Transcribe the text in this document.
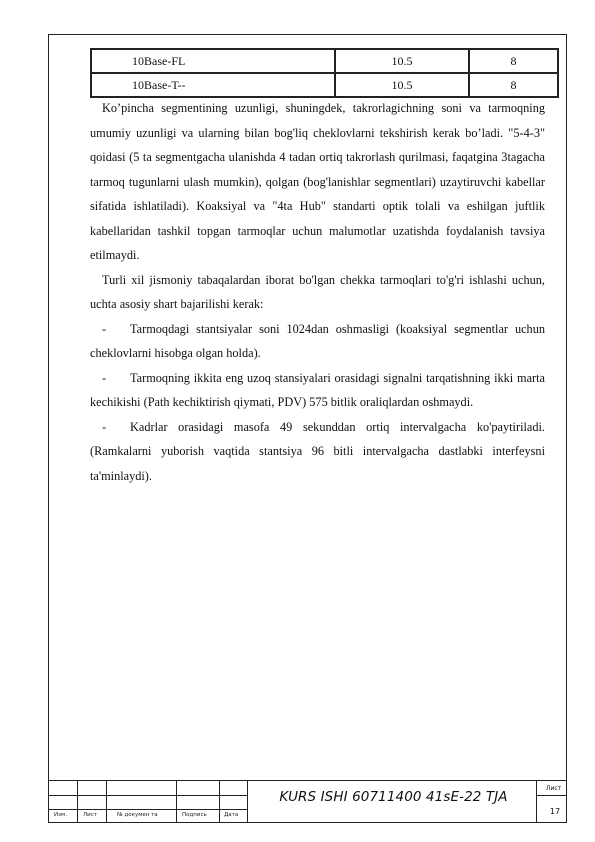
10Base-FL	10.5	8
10Base-T--	10.5	8

Ko’pincha segmentining uzunligi, shuningdek, takrorlagichning soni va tarmoqning umumiy uzunligi va ularning bilan bog'liq cheklovlarni tekshirish kerak bo’ladi. "5-4-3" qoidasi (5 ta segmentgacha ulanishda 4 tadan ortiq takrorlash qurilmasi, faqatgina 3tagacha tarmoq tugunlarni ulash mumkin), qolgan (bog'lanishlar segmentlari) uzaytiruvchi kabellar sifatida ishlatiladi). Koaksiyal va "4ta Hub" standarti optik tolali va eshilgan juftlik kabellaridan tashkil topgan tarmoqlar uchun malumotlar uzatishda foydalanish tavsiya etilmaydi.

Turli xil jismoniy tabaqalardan iborat bo'lgan chekka tarmoqlari to'g'ri ishlashi uchun, uchta asosiy shart bajarilishi kerak:

- Tarmoqdagi stantsiyalar soni 1024dan oshmasligi (koaksiyal segmentlar uchun cheklovlarni hisobga olgan holda).

- Tarmoqning ikkita eng uzoq stansiyalari orasidagi signalni tarqatishning ikki marta kechikishi (Path kechiktirish qiymati, PDV) 575 bitlik oraliqlardan oshmaydi.

- Kadrlar orasidagi masofa 49 sekunddan ortiq intervalgacha ko'paytiriladi. (Ramkalarni yuborish vaqtida stantsiya 96 bitli intervalgacha dastlabki interfeysni ta'minlaydi).

Изм.	Лист	№ докумен та	Подпись	Дата
KURS ISHI 60711400 41sE-22 TJA
Лист
17
